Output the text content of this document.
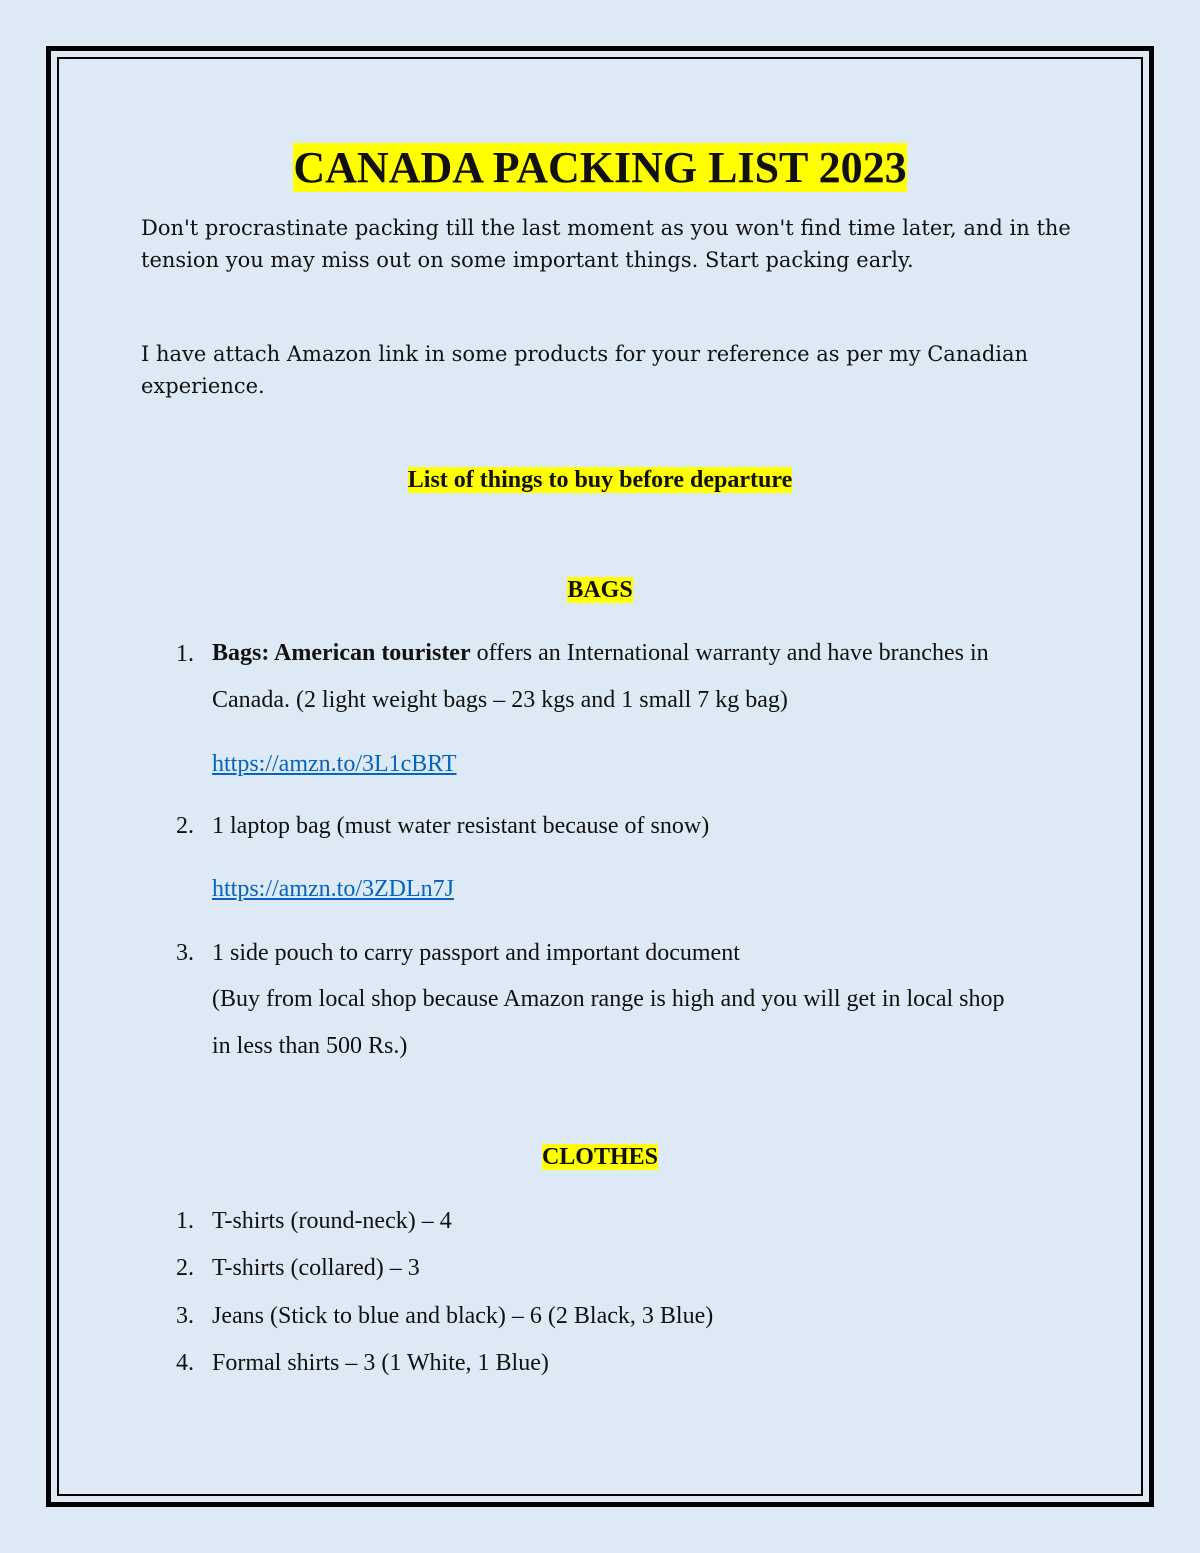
CANADA PACKING LIST 2023

Don't procrastinate packing till the last moment as you won't find time later, and in the tension you may miss out on some important things. Start packing early.

I have attach Amazon link in some products for your reference as per my Canadian experience.

List of things to buy before departure
BAGS
1. Bags: American tourister offers an International warranty and have branches in Canada. (2 light weight bags – 23 kgs and 1 small 7 kg bag)

https://amzn.to/3L1cBRT
2. 1 laptop bag (must water resistant because of snow)
https://amzn.to/3ZDLn7J
3. 1 side pouch to carry passport and important document

(Buy from local shop because Amazon range is high and you will get in local shop in less than 500 Rs.)

CLOTHES
1. T-shirts (round-neck) – 4
2. T-shirts (collared) – 3
3. Jeans (Stick to blue and black) – 6 (2 Black, 3 Blue)
4. Formal shirts – 3 (1 White, 1 Blue)
